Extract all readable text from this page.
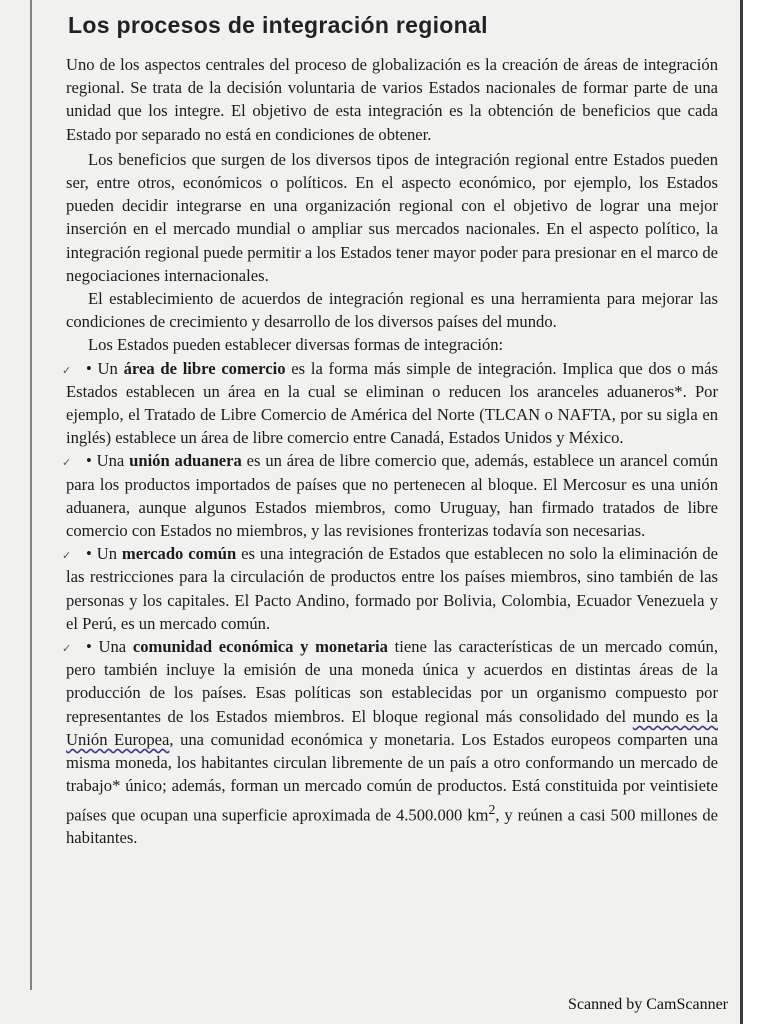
Los procesos de integración regional

Uno de los aspectos centrales del proceso de globalización es la creación de áreas de integración regional. Se trata de la decisión voluntaria de varios Estados nacionales de formar parte de una unidad que los integre. El objetivo de esta integración es la obtención de beneficios que cada Estado por separado no está en condiciones de obtener.

Los beneficios que surgen de los diversos tipos de integración regional entre Estados pueden ser, entre otros, económicos o políticos. En el aspecto económico, por ejemplo, los Estados pueden decidir integrarse en una organización regional con el objetivo de lograr una mejor inserción en el mercado mundial o ampliar sus mercados nacionales. En el aspecto político, la integración regional puede permitir a los Estados tener mayor poder para presionar en el marco de negociaciones internacionales.

El establecimiento de acuerdos de integración regional es una herramienta para mejorar las condiciones de crecimiento y desarrollo de los diversos países del mundo.

Los Estados pueden establecer diversas formas de integración:

✓ • Un área de libre comercio es la forma más simple de integración. Implica que dos o más Estados establecen un área en la cual se eliminan o reducen los aranceles aduaneros*. Por ejemplo, el Tratado de Libre Comercio de América del Norte (TLCAN o NAFTA, por su sigla en inglés) establece un área de libre comercio entre Canadá, Estados Unidos y México.

✓ • Una unión aduanera es un área de libre comercio que, además, establece un arancel común para los productos importados de países que no pertenecen al bloque. El Mercosur es una unión aduanera, aunque algunos Estados miembros, como Uruguay, han firmado tratados de libre comercio con Estados no miembros, y las revisiones fronterizas todavía son necesarias.

✓ • Un mercado común es una integración de Estados que establecen no solo la eliminación de las restricciones para la circulación de productos entre los países miembros, sino también de las personas y los capitales. El Pacto Andino, formado por Bolivia, Colombia, Ecuador Venezuela y el Perú, es un mercado común.

✓ • Una comunidad económica y monetaria tiene las características de un mercado común, pero también incluye la emisión de una moneda única y acuerdos en distintas áreas de la producción de los países. Esas políticas son establecidas por un organismo compuesto por representantes de los Estados miembros. El bloque regional más consolidado del mundo es la Unión Europea, una comunidad económica y monetaria. Los Estados europeos comparten una misma moneda, los habitantes circulan libremente de un país a otro conformando un mercado de trabajo* único; además, forman un mercado común de productos. Está constituida por veintisiete países que ocupan una superficie aproximada de 4.500.000 $km^2$, y reúnen a casi 500 millones de habitantes.

Scanned by CamScanner
